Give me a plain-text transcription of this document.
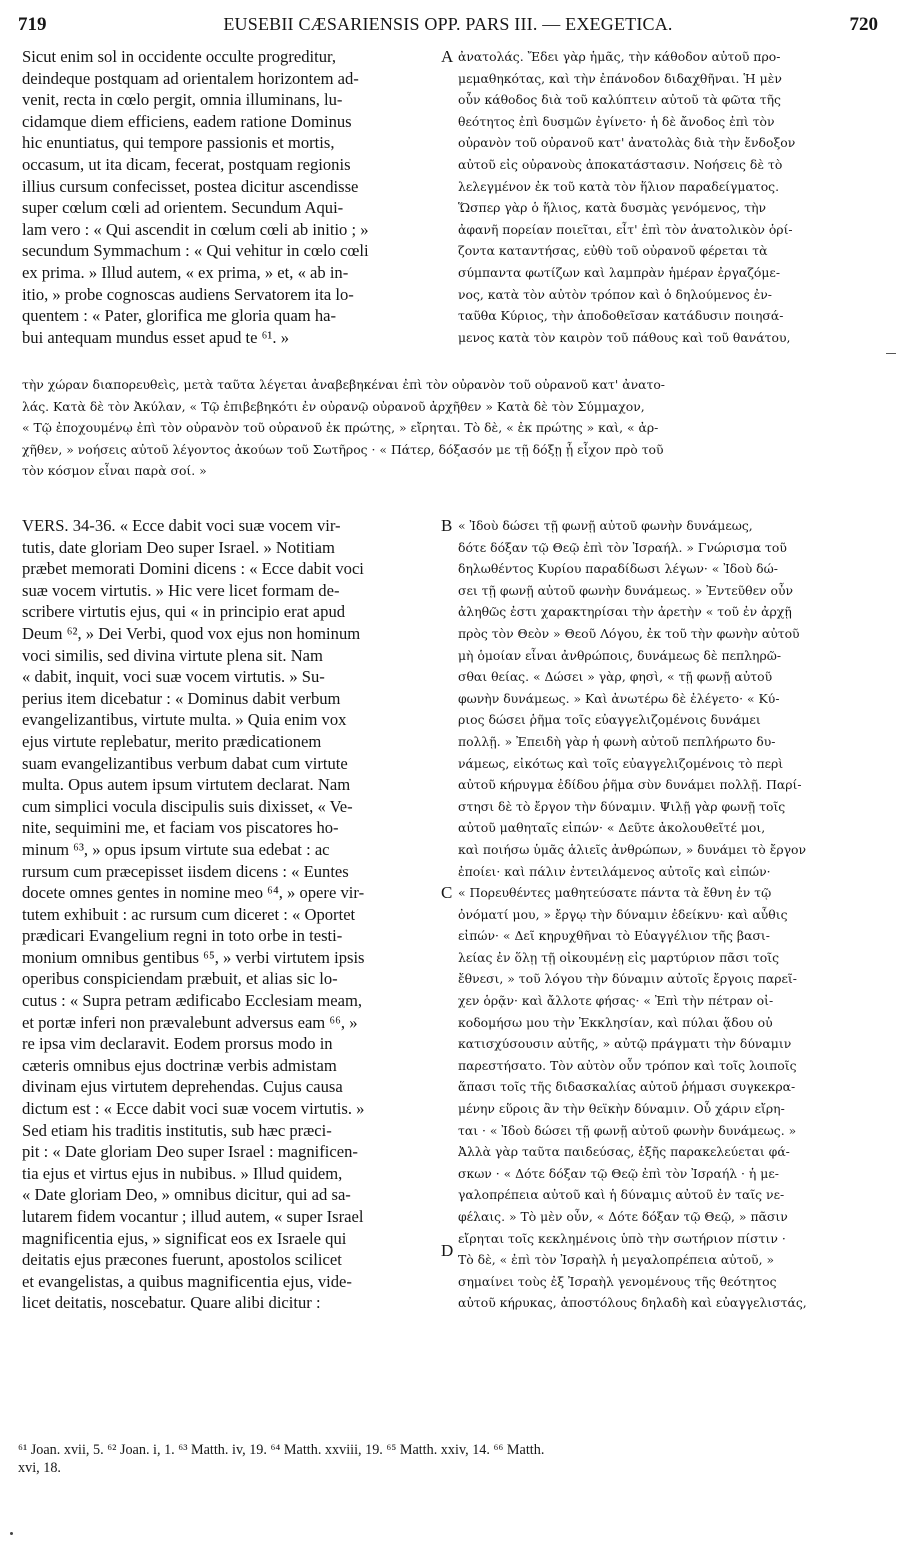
719	EUSEBII CÆSARIENSIS OPP. PARS III. — EXEGETICA.	720
Sicut enim sol in occidente occulte progreditur,
deindeque postquam ad orientalem horizontem ad-
venit, recta in cœlo pergit, omnia illuminans, lu-
cidamque diem efficiens, eadem ratione Dominus
hic enuntiatus, qui tempore passionis et mortis,
occasum, ut ita dicam, fecerat, postquam regionis
illius cursum confecisset, postea dicitur ascendisse
super cœlum cœli ad orientem. Secundum Aqui-
lam vero : « Qui ascendit in cœlum cœli ab initio ; »
secundum Symmachum : « Qui vehitur in cœlo cœli
ex prima. » Illud autem, « ex prima, » et, « ab in-
itio, » probe cognoscas audiens Servatorem ita lo-
quentem : « Pater, glorifica me gloria quam ha-
bui antequam mundus esset apud te ⁶¹. »
ἀνατολάς. Ἔδει γὰρ ἡμᾶς, τὴν κάθοδον αὐτοῦ προ-
μεμαθηκότας, καὶ τὴν ἐπάνοδον διδαχθῆναι. Ἡ μὲν
οὖν κάθοδος διὰ τοῦ καλύπτειν αὐτοῦ τὰ φῶτα τῆς
θεότητος ἐπὶ δυσμῶν ἐγίνετο· ἡ δὲ ἄνοδος ἐπὶ τὸν
οὐρανὸν τοῦ οὐρανοῦ κατ' ἀνατολὰς διὰ τὴν ἔνδοξον
αὐτοῦ εἰς οὐρανοὺς ἀποκατάστασιν. Νοήσεις δὲ τὸ
λελεγμένον ἐκ τοῦ κατὰ τὸν ἥλιον παραδείγματος.
Ὥσπερ γὰρ ὁ ἥλιος, κατὰ δυσμὰς γενόμενος, τὴν
ἀφανῆ πορείαν ποιεῖται, εἶτ' ἐπὶ τὸν ἀνατολικὸν ὁρί-
ζοντα καταντήσας, εὐθὺ τοῦ οὐρανοῦ φέρεται τὰ
σύμπαντα φωτίζων καὶ λαμπρὰν ἡμέραν ἐργαζόμε-
νος, κατὰ τὸν αὐτὸν τρόπον καὶ ὁ δηλούμενος ἐν-
ταῦθα Κύριος, τὴν ἀποδοθεῖσαν κατάδυσιν ποιησά-
μενος κατὰ τὸν καιρὸν τοῦ πάθους καὶ τοῦ θανάτου,
τὴν χώραν διαπορευθεὶς, μετὰ ταῦτα λέγεται ἀναβεβηκέναι ἐπὶ τὸν οὐρανὸν τοῦ οὐρανοῦ κατ' ἀνατο-
λάς. Κατὰ δὲ τὸν Ἀκύλαν, « Τῷ ἐπιβεβηκότι ἐν οὐρανῷ οὐρανοῦ ἀρχῆθεν » Κατὰ δὲ τὸν Σύμμαχον,
« Τῷ ἐποχουμένῳ ἐπὶ τὸν οὐρανὸν τοῦ οὐρανοῦ ἐκ πρώτης, » εἴρηται. Τὸ δὲ, « ἐκ πρώτης » καὶ, « ἀρ-
χῆθεν, » νοήσεις αὐτοῦ λέγοντος ἀκούων τοῦ Σωτῆρος · « Πάτερ, δόξασόν με τῇ δόξῃ ᾗ εἶχον πρὸ τοῦ
τὸν κόσμον εἶναι παρὰ σοί. »
VERS. 34-36. « Ecce dabit voci suæ vocem vir-
tutis, date gloriam Deo super Israel. » Notitiam
præbet memorati Domini dicens : « Ecce dabit voci
suæ vocem virtutis. » Hic vere licet formam de-
scribere virtutis ejus, qui « in principio erat apud
Deum ⁶², » Dei Verbi, quod vox ejus non hominum
voci similis, sed divina virtute plena sit. Nam
« dabit, inquit, voci suæ vocem virtutis. » Su-
perius item dicebatur : « Dominus dabit verbum
evangelizantibus, virtute multa. » Quia enim vox
ejus virtute replebatur, merito prædicationem
suam evangelizantibus verbum dabat cum virtute
multa. Opus autem ipsum virtutem declarat. Nam
cum simplici vocula discipulis suis dixisset, « Ve-
nite, sequimini me, et faciam vos piscatores ho-
minum ⁶³, » opus ipsum virtute sua edebat : ac
rursum cum præcepisset iisdem dicens : « Euntes
docete omnes gentes in nomine meo ⁶⁴, » opere vir-
tutem exhibuit : ac rursum cum diceret : « Oportet
prædicari Evangelium regni in toto orbe in testi-
monium omnibus gentibus ⁶⁵, » verbi virtutem ipsis
operibus conspiciendam præbuit, et alias sic lo-
cutus : « Supra petram ædificabo Ecclesiam meam,
et portæ inferi non prævalebunt adversus eam ⁶⁶, »
re ipsa vim declaravit. Eodem prorsus modo in
cæteris omnibus ejus doctrinæ verbis admistam
divinam ejus virtutem deprehendas. Cujus causa
dictum est : « Ecce dabit voci suæ vocem virtutis. »
Sed etiam his traditis institutis, sub hæc præci-
pit : « Date gloriam Deo super Israel : magnificen-
tia ejus et virtus ejus in nubibus. » Illud quidem,
« Date gloriam Deo, » omnibus dicitur, qui ad sa-
lutarem fidem vocantur ; illud autem, « super Israel
magnificentia ejus, » significat eos ex Israele qui
deitatis ejus præcones fuerunt, apostolos scilicet
et evangelistas, a quibus magnificentia ejus, vide-
licet deitatis, noscebatur. Quare alibi dicitur :
« Ἰδοὺ δώσει τῇ φωνῇ αὐτοῦ φωνὴν δυνάμεως,
δότε δόξαν τῷ Θεῷ ἐπὶ τὸν Ἰσραήλ. » Γνώρισμα τοῦ
δηλωθέντος Κυρίου παραδίδωσι λέγων· « Ἰδοὺ δώ-
σει τῇ φωνῇ αὐτοῦ φωνὴν δυνάμεως. » Ἐντεῦθεν οὖν
ἀληθῶς ἐστι χαρακτηρίσαι τὴν ἀρετὴν « τοῦ ἐν ἀρχῇ
πρὸς τὸν Θεὸν » Θεοῦ Λόγου, ἐκ τοῦ τὴν φωνὴν αὐτοῦ
μὴ ὁμοίαν εἶναι ἀνθρώποις, δυνάμεως δὲ πεπληρῶ-
σθαι θείας. « Δώσει » γὰρ, φησὶ, « τῇ φωνῇ αὐτοῦ
φωνὴν δυνάμεως. » Καὶ ἀνωτέρω δὲ ἐλέγετο· « Κύ-
ριος δώσει ῥῆμα τοῖς εὐαγγελιζομένοις δυνάμει
πολλῇ. » Ἐπειδὴ γὰρ ἡ φωνὴ αὐτοῦ πεπλήρωτο δυ-
νάμεως, εἰκότως καὶ τοῖς εὐαγγελιζομένοις τὸ περὶ
αὐτοῦ κήρυγμα ἐδίδου ῥῆμα σὺν δυνάμει πολλῇ. Παρί-
στησι δὲ τὸ ἔργον τὴν δύναμιν. Ψιλῇ γὰρ φωνῇ τοῖς
αὐτοῦ μαθηταῖς εἰπών· « Δεῦτε ἀκολουθεῖτέ μοι,
καὶ ποιήσω ὑμᾶς ἁλιεῖς ἀνθρώπων, » δυνάμει τὸ ἔργον
ἐποίει· καὶ πάλιν ἐντειλάμενος αὐτοῖς καὶ εἰπών·
« Πορευθέντες μαθητεύσατε πάντα τὰ ἔθνη ἐν τῷ
ὀνόματί μου, » ἔργῳ τὴν δύναμιν ἐδείκνυ· καὶ αὖθις
εἰπών· « Δεῖ κηρυχθῆναι τὸ Εὐαγγέλιον τῆς βασι-
λείας ἐν ὅλῃ τῇ οἰκουμένῃ εἰς μαρτύριον πᾶσι τοῖς
ἔθνεσι, » τοῦ λόγου τὴν δύναμιν αὐτοῖς ἔργοις παρεῖ-
χεν ὁρᾷν· καὶ ἄλλοτε φήσας· « Ἐπὶ τὴν πέτραν οἰ-
κοδομήσω μου τὴν Ἐκκλησίαν, καὶ πύλαι ᾅδου οὐ
κατισχύσουσιν αὐτῆς, » αὐτῷ πράγματι τὴν δύναμιν
παρεστήσατο. Τὸν αὐτὸν οὖν τρόπον καὶ τοῖς λοιποῖς
ἅπασι τοῖς τῆς διδασκαλίας αὐτοῦ ῥήμασι συγκεκρα-
μένην εὕροις ἂν τὴν θεϊκὴν δύναμιν. Οὗ χάριν εἴρη-
ται · « Ἰδοὺ δώσει τῇ φωνῇ αὐτοῦ φωνὴν δυνάμεως. »
Ἀλλὰ γὰρ ταῦτα παιδεύσας, ἑξῆς παρακελεύεται φά-
σκων · « Δότε δόξαν τῷ Θεῷ ἐπὶ τὸν Ἰσραήλ · ἡ με-
γαλοπρέπεια αὐτοῦ καὶ ἡ δύναμις αὐτοῦ ἐν ταῖς νε-
φέλαις. » Τὸ μὲν οὖν, « Δότε δόξαν τῷ Θεῷ, » πᾶσιν
εἴρηται τοῖς κεκλημένοις ὑπὸ τὴν σωτήριον πίστιν ·
Τὸ δὲ, « ἐπὶ τὸν Ἰσραὴλ ἡ μεγαλοπρέπεια αὐτοῦ, »
σημαίνει τοὺς ἐξ Ἰσραὴλ γενομένους τῆς θεότητος
αὐτοῦ κήρυκας, ἀποστόλους δηλαδὴ καὶ εὐαγγελιστάς,
A
B
C
D
⁶¹ Joan. xvii, 5. ⁶² Joan. i, 1. ⁶³ Matth. iv, 19. ⁶⁴ Matth. xxviii, 19. ⁶⁵ Matth. xxiv, 14. ⁶⁶ Matth.
xvi, 18.
